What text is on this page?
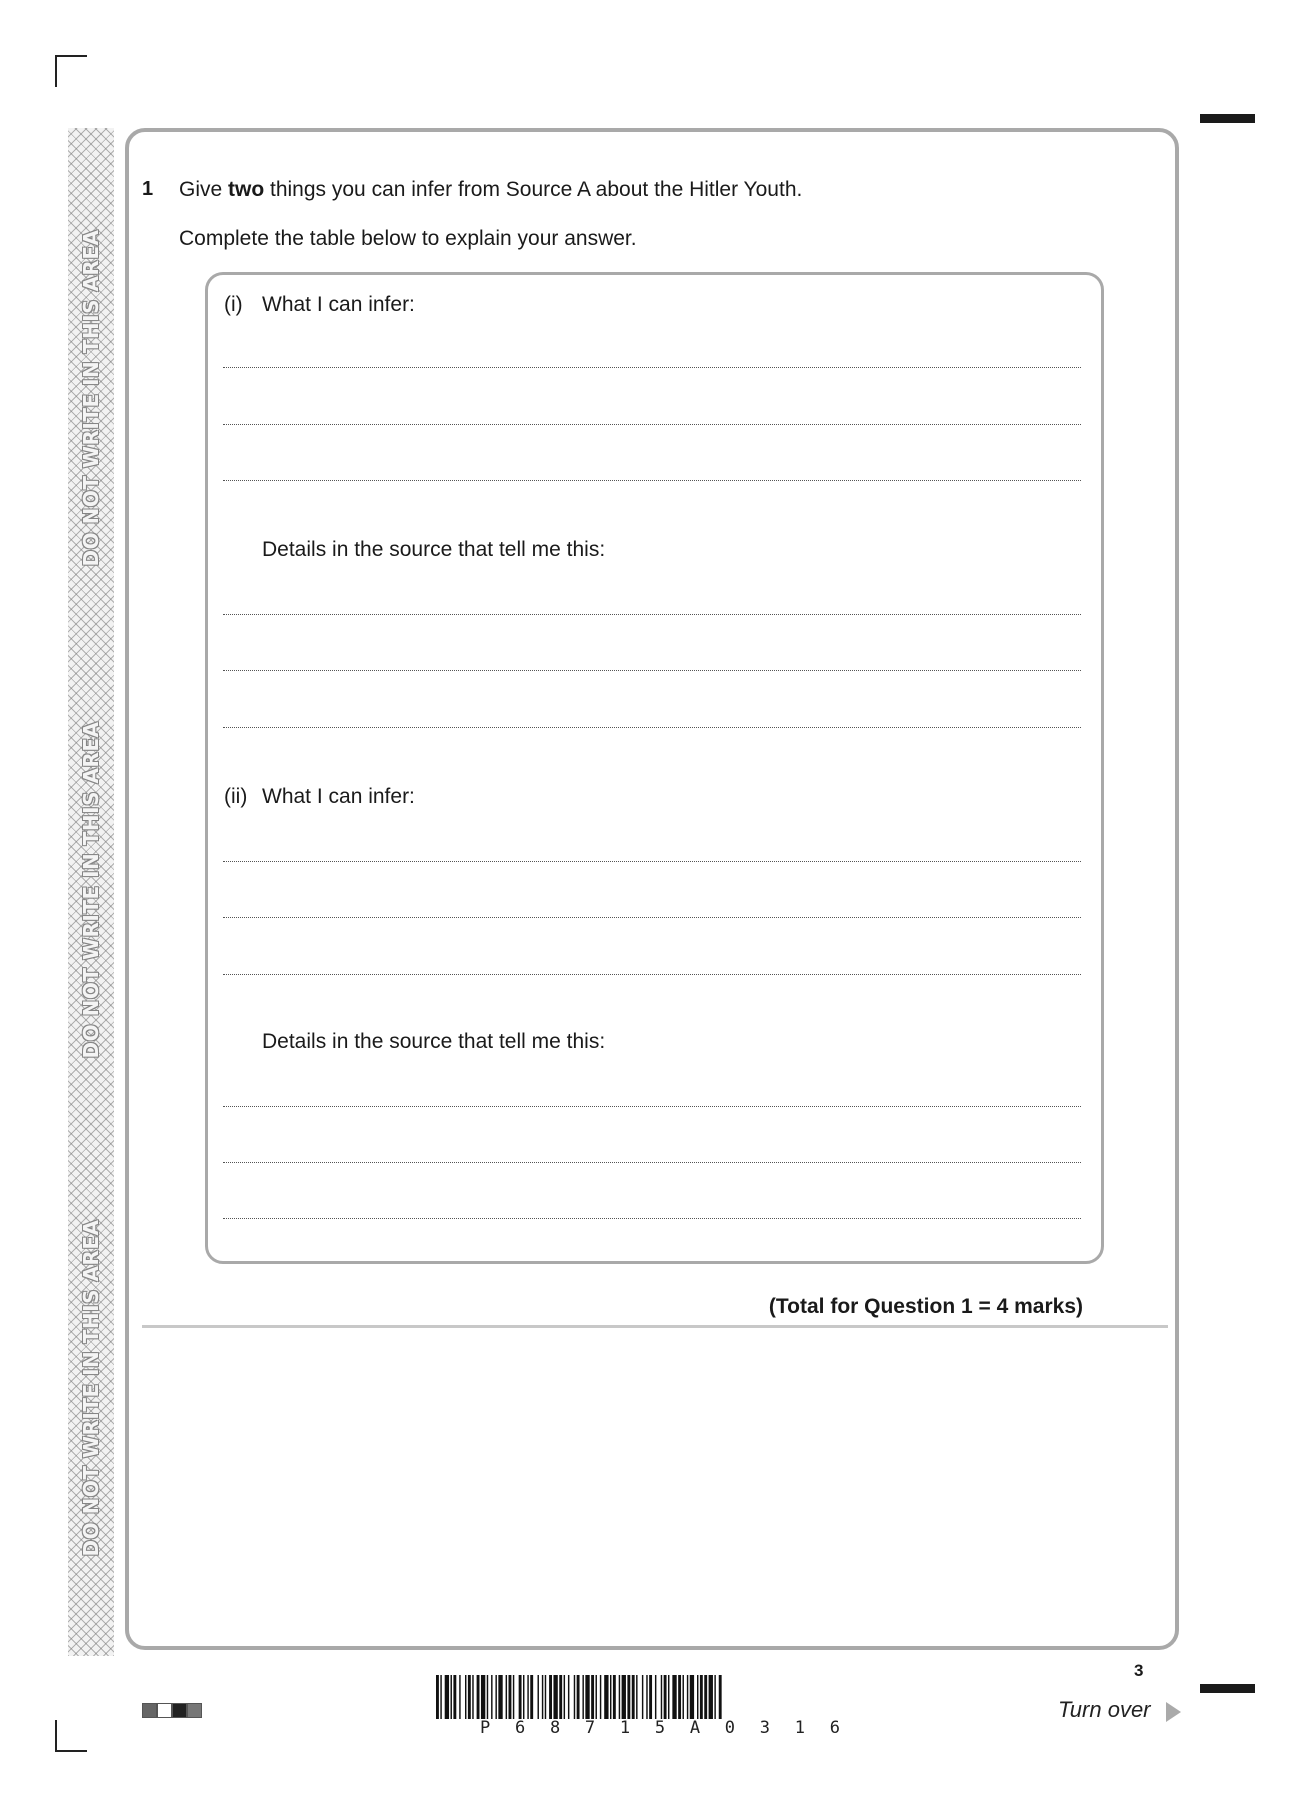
DO NOT WRITE IN THIS AREA
DO NOT WRITE IN THIS AREA
DO NOT WRITE IN THIS AREA
1 Give two things you can infer from Source A about the Hitler Youth.
Complete the table below to explain your answer.
(i) What I can infer:
Details in the source that tell me this:
(ii) What I can infer:
Details in the source that tell me this:
(Total for Question 1 = 4 marks)
P 6 8 7 1 5 A 0 3 1 6
3
Turn over
